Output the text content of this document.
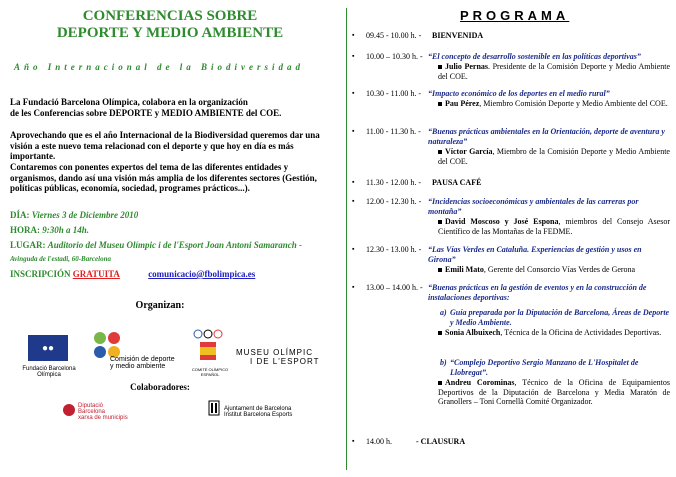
CONFERENCIAS SOBRE
DEPORTE Y MEDIO AMBIENTE
Año Internacional de la Biodiversidad
La Fundació Barcelona Olímpica, colabora en la organización
de les Conferencias sobre DEPORTE y MEDIO AMBIENTE del COE.
Aprovechando que es el año Internacional de la Biodiversidad queremos dar una visión a este nuevo tema relacionad con el deporte y que hoy en día es más importante.
Contaremos con ponentes expertos del tema de las diferentes entidades y organismos, dando así una visión más amplia de los diferentes sectores (Gestión, políticas públicas, economía, sociedad, programes prácticos...).
DÍA: Viernes 3 de Diciembre 2010
HORA: 9:30h a 14h.
LUGAR: Auditorio del Museu Olímpic i de l'Esport Joan Antoni Samaranch -
Avinguda de l'estadi, 60-Barcelona
INSCRIPCIÓN GRATUITA	comunicacio@fbolimpica.es
Organizan:
●●
Fundació Barcelona Olímpica
Comisión de deporte
y medio ambiente	COMITÉ OLÍMPICO ESPAÑOL
MUSEU OLÍMPIC
I DE L'ESPORT
Colaboradores:
Diputació
Barcelona
xarxa de municipis
Ajuntament de Barcelona
Institut Barcelona Esports
PROGRAMA
▪ 09.45 - 10.00 h. - BIENVENIDA
▪ 10.00 – 10.30 h. - “El concepto de desarrollo sostenible en las políticas deportivas”
Julio Pernas. Presidente de la Comisión Deporte y Medio Ambiente del COE.
▪ 10.30 - 11.00 h. - “Impacto económico de los deportes en el medio rural”
Pau Pérez, Miembro Comisión Deporte y Medio Ambiente del COE.
▪ 11.00 - 11.30 h. - “Buenas prácticas ambientales en la Orientación, deporte de aventura y naturaleza”
Víctor García, Miembro de la Comisión Deporte y Medio Ambiente del COE.
▪ 11.30 - 12.00 h. - PAUSA CAFÉ
▪ 12.00 - 12.30 h. - “Incidencias socioeconómicas y ambientales de las carreras por montaña”
David Moscoso y José Espona, miembros del Consejo Asesor Científico de las Montañas de la FEDME.
▪ 12.30 - 13.00 h. - “Las Vías Verdes en Cataluña. Experiencias de gestión y usos en Girona”
Emili Mato, Gerente del Consorcio Vías Verdes de Gerona
▪ 13.00 – 14.00 h. - “Buenas prácticas en la gestión de eventos y en la construcción de instalaciones deportivas:
a) Guía preparada por la Diputación de Barcelona, Áreas de Deporte y Medio Ambiente.
Sonia Albuixech, Técnica de la Oficina de Actividades Deportivas.
b) “Complejo Deportivo Sergio Manzano de L'Hospitalet de Llobregat”.
Andreu Corominas, Técnico de la Oficina de Equipamientos Deportivos de la Diputación de Barcelona y Media Maratón de Granollers – Toni Cornellà Comité Organizador.
▪ 14.00 h.	- CLAUSURA
